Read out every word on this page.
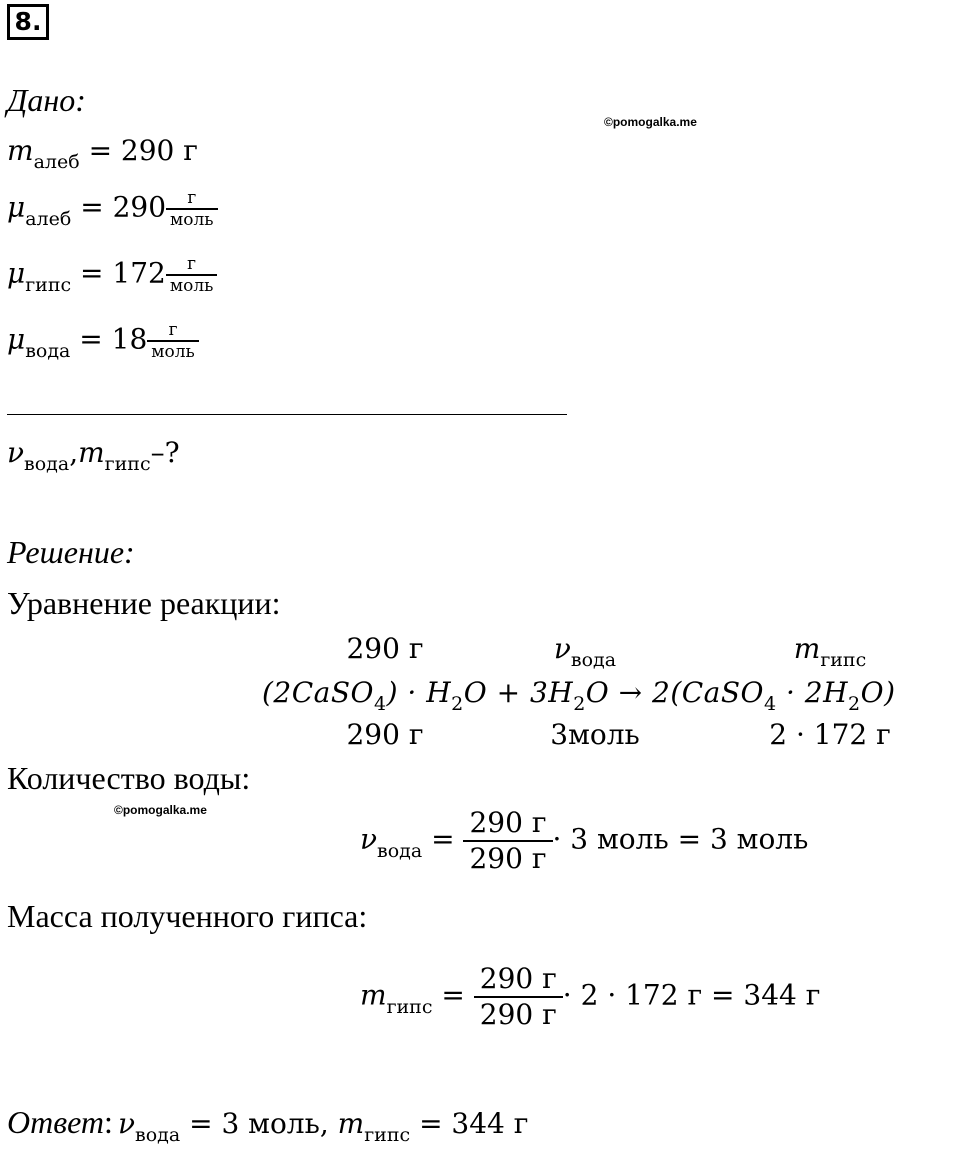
8.
©pomogalka.me
©pomogalka.me
Дано:
$m_{алеб} = 290$ г
$\mu_{алеб} = 290 \frac{г}{\text{моль}}$
$\mu_{гипс} = 172 \frac{г}{\text{моль}}$
$\mu_{вода} = 18 \frac{г}{\text{моль}}$
$\nu_{вода},m_{гипс}-$?
Решение:
Уравнение реакции:
290 г	$\nu_{вода}$	$m_{гипс}$
(2CaSO$_4$) · $H_2O + 3H_2O$ → 2(CaSO$_4$ · $2H_2O$)
290 г	3моль	2 · 172 г
Количество воды:
$\nu_{вода} = 290$ г
290 г
· 3 моль = 3 моль
Масса полученного гипса:
$m_{гипс} = 290$ г
290 г
· 2 · 172 г = 344 г
Ответ: $\nu_{вода} = 3$ моль, $m_{гипс} = 344$ г
